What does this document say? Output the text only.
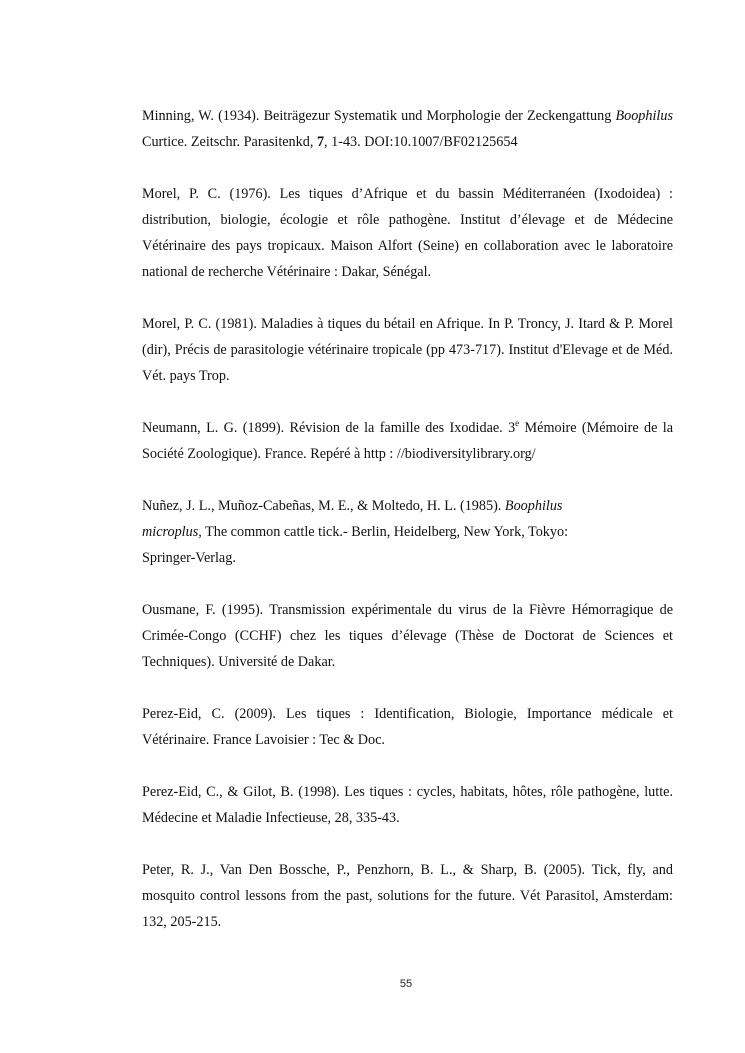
Minning, W. (1934). Beiträgezur Systematik und Morphologie der Zeckengattung Boophilus Curtice. Zeitschr. Parasitenkd, 7, 1-43. DOI:10.1007/BF02125654

Morel, P. C. (1976). Les tiques d’Afrique et du bassin Méditerranéen (Ixodoidea) : distribution, biologie, écologie et rôle pathogène. Institut d’élevage et de Médecine Vétérinaire des pays tropicaux. Maison Alfort (Seine) en collaboration avec le laboratoire national de recherche Vétérinaire : Dakar, Sénégal.

Morel, P. C. (1981). Maladies à tiques du bétail en Afrique. In P. Troncy, J. Itard & P. Morel (dir), Précis de parasitologie vétérinaire tropicale (pp 473-717). Institut d'Elevage et de Méd. Vét. pays Trop.

Neumann, L. G. (1899). Révision de la famille des Ixodidae. 3e Mémoire (Mémoire de la Société Zoologique). France. Repéré à http : //biodiversitylibrary.org/

Nuñez, J. L., Muñoz-Cabeñas, M. E., & Moltedo, H. L. (1985). Boophilus microplus, The common cattle tick.- Berlin, Heidelberg, New York, Tokyo: Springer-Verlag.

Ousmane, F. (1995). Transmission expérimentale du virus de la Fièvre Hémorragique de Crimée-Congo (CCHF) chez les tiques d’élevage (Thèse de Doctorat de Sciences et Techniques). Université de Dakar.

Perez-Eid, C. (2009). Les tiques : Identification, Biologie, Importance médicale et Vétérinaire. France Lavoisier : Tec & Doc.

Perez-Eid, C., & Gilot, B. (1998). Les tiques : cycles, habitats, hôtes, rôle pathogène, lutte. Médecine et Maladie Infectieuse, 28, 335-43.

Peter, R. J., Van Den Bossche, P., Penzhorn, B. L., & Sharp, B. (2005). Tick, fly, and mosquito control lessons from the past, solutions for the future. Vét Parasitol, Amsterdam: 132, 205-215.

55
